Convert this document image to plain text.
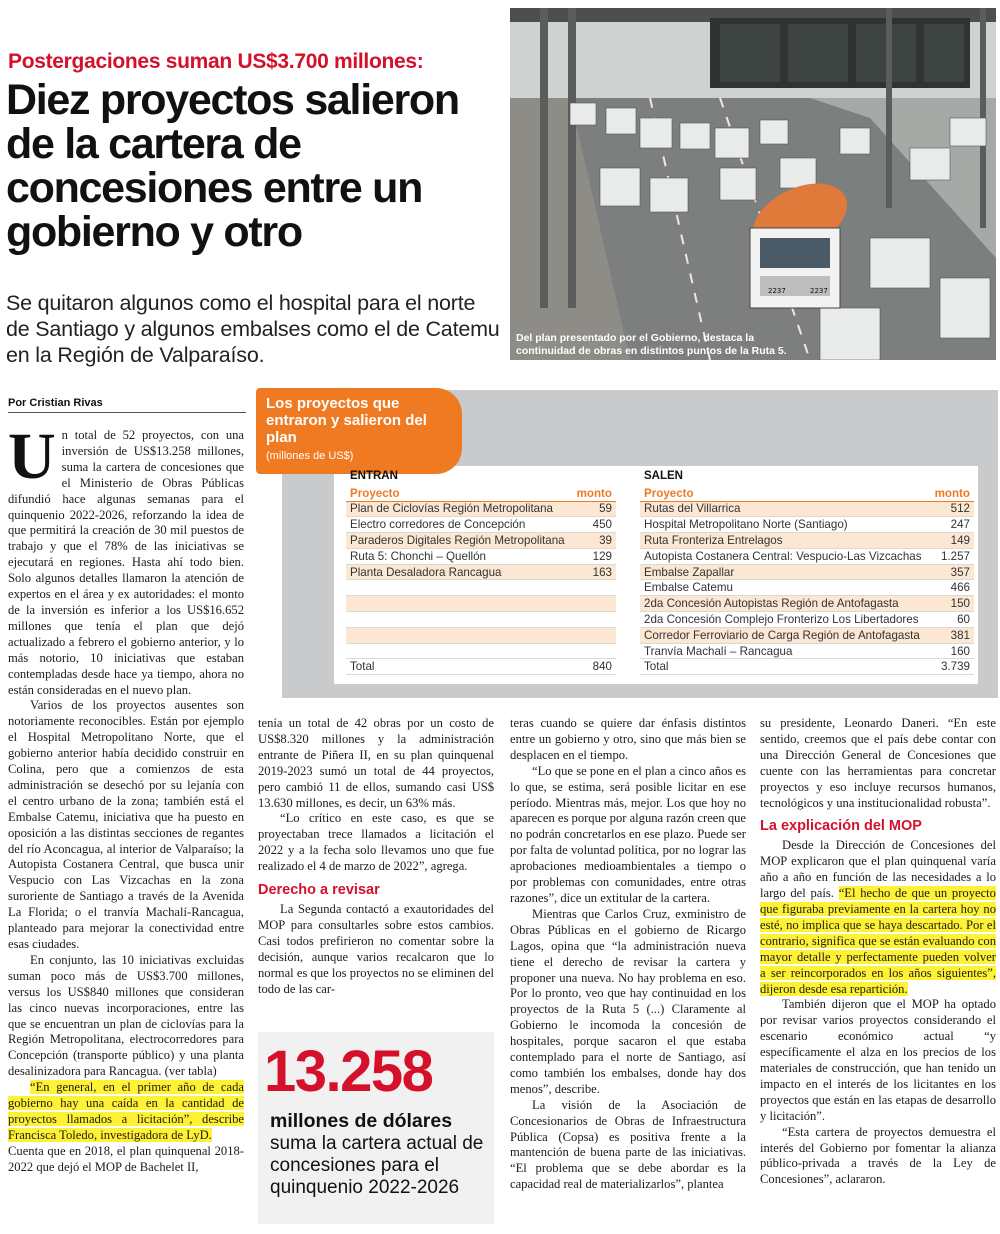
Postergaciones suman US$3.700 millones:
Diez proyectos salieron de la cartera de concesiones entre un gobierno y otro
Se quitaron algunos como el hospital para el norte de Santiago y algunos embalses como el de Catemu en la Región de Valparaíso.
2237	2237
Del plan presentado por el Gobierno, destaca la continuidad de obras en distintos puntos de la Ruta 5.
Por Cristian Rivas	Los proyectos que entraron y salieron del plan
(millones de US$)
ENTRAN	SALEN
Proyecto	monto
Plan de Ciclovías Región Metropolitana	59
Electro corredores de Concepción	450
Paraderos Digitales Región Metropolitana	39
Ruta 5: Chonchi – Quellón	129
Planta Desaladora Rancagua	163

Total	840
Proyecto	monto
Rutas del Villarrica	512
Hospital Metropolitano Norte (Santiago)	247
Ruta Fronteriza Entrelagos	149
Autopista Costanera Central: Vespucio-Las Vizcachas	1.257
Embalse Zapallar	357
Embalse Catemu	466
2da Concesión Autopistas Región de Antofagasta	150
2da Concesión Complejo Fronterizo Los Libertadores	60
Corredor Ferroviario de Carga Región de Antofagasta	381
Tranvía Machalí – Rancagua	160
Total	3.739
U n total de 52 proyectos, con una inversión de US$13.258 millones, suma la cartera de concesiones que el Ministerio de Obras Públicas difundió hace algunas semanas para el quinquenio 2022-2026, reforzando la idea de que permitirá la creación de 30 mil puestos de trabajo y que el 78% de las iniciativas se ejecutará en regiones. Hasta ahí todo bien. Solo algunos detalles llamaron la atención de expertos en el área y ex autoridades: el monto de la inversión es inferior a los US$16.652 millones que tenía el plan que dejó actualizado a febrero el gobierno anterior, y lo más notorio, 10 iniciativas que estaban contempladas desde hace ya tiempo, ahora no están consideradas en el nuevo plan.

Varios de los proyectos ausentes son notoriamente reconocibles. Están por ejemplo el Hospital Metropolitano Norte, que el gobierno anterior había decidido construir en Colina, pero que a comienzos de esta administración se desechó por su lejanía con el centro urbano de la zona; también está el Embalse Catemu, iniciativa que ha puesto en oposición a las distintas secciones de regantes del río Aconcagua, al interior de Valparaíso; la Autopista Costanera Central, que busca unir Vespucio con Las Vizcachas en la zona suroriente de Santiago a través de la Avenida La Florida; o el tranvía Machalí-Rancagua, planteado para mejorar la conectividad entre esas ciudades.

En conjunto, las 10 iniciativas excluidas suman poco más de US$3.700 millones, versus los US$840 millones que consideran las cinco nuevas incorporaciones, entre las que se encuentran un plan de ciclovías para la Región Metropolitana, electrocorredores para Concepción (transporte público) y una planta desalinizadora para Rancagua. (ver tabla)

“En general, en el primer año de cada gobierno hay una caída en la cantidad de proyectos llamados a licitación”, describe Francisca Toledo, investigadora de LyD.

Cuenta que en 2018, el plan quinquenal 2018-2022 que dejó el MOP de Bachelet II,

tenía un total de 42 obras por un costo de US$8.320 millones y la administración entrante de Piñera II, en su plan quinquenal 2019-2023 sumó un total de 44 proyectos, pero cambió 11 de ellos, sumando casi US$ 13.630 millones, es decir, un 63% más.

“Lo crítico en este caso, es que se proyectaban trece llamados a licitación el 2022 y a la fecha solo llevamos uno que fue realizado el 4 de marzo de 2022”, agrega.

Derecho a revisar

La Segunda contactó a exautoridades del MOP para consultarles sobre estos cambios. Casi todos prefirieron no comentar sobre la decisión, aunque varios recalcaron que lo normal es que los proyectos no se eliminen del todo de las car-

13.258
millones de dólares
suma la cartera actual de concesiones para el quinquenio 2022-2026

teras cuando se quiere dar énfasis distintos entre un gobierno y otro, sino que más bien se desplacen en el tiempo.

“Lo que se pone en el plan a cinco años es lo que, se estima, será posible licitar en ese período. Mientras más, mejor. Los que hoy no aparecen es porque por alguna razón creen que no podrán concretarlos en ese plazo. Puede ser por falta de voluntad política, por no lograr las aprobaciones medioambientales a tiempo o por problemas con comunidades, entre otras razones”, dice un extitular de la cartera.

Mientras que Carlos Cruz, exministro de Obras Públicas en el gobierno de Ricargo Lagos, opina que “la administración nueva tiene el derecho de revisar la cartera y proponer una nueva. No hay problema en eso. Por lo pronto, veo que hay continuidad en los proyectos de la Ruta 5 (...) Claramente al Gobierno le incomoda la concesión de hospitales, porque sacaron el que estaba contemplado para el norte de Santiago, así como también los embalses, donde hay dos menos”, describe.

La visión de la Asociación de Concesionarios de Obras de Infraestructura Pública (Copsa) es positiva frente a la mantención de buena parte de las iniciativas. “El problema que se debe abordar es la capacidad real de materializarlos”, plantea

su presidente, Leonardo Daneri. “En este sentido, creemos que el país debe contar con una Dirección General de Concesiones que cuente con las herramientas para concretar proyectos y eso incluye recursos humanos, tecnológicos y una institucionalidad robusta”.

La explicación del MOP

Desde la Dirección de Concesiones del MOP explicaron que el plan quinquenal varía año a año en función de las necesidades a lo largo del país. “El hecho de que un proyecto que figuraba previamente en la cartera hoy no esté, no implica que se haya descartado. Por el contrario, significa que se están evaluando con mayor detalle y perfectamente pueden volver a ser reincorporados en los años siguientes”, dijeron desde esa repartición.

También dijeron que el MOP ha optado por revisar varios proyectos considerando el escenario económico actual “y específicamente el alza en los precios de los materiales de construcción, que han tenido un impacto en el interés de los licitantes en los proyectos que están en las etapas de desarrollo y licitación”.

“Esta cartera de proyectos demuestra el interés del Gobierno por fomentar la alianza público-privada a través de la Ley de Concesiones”, aclararon.
